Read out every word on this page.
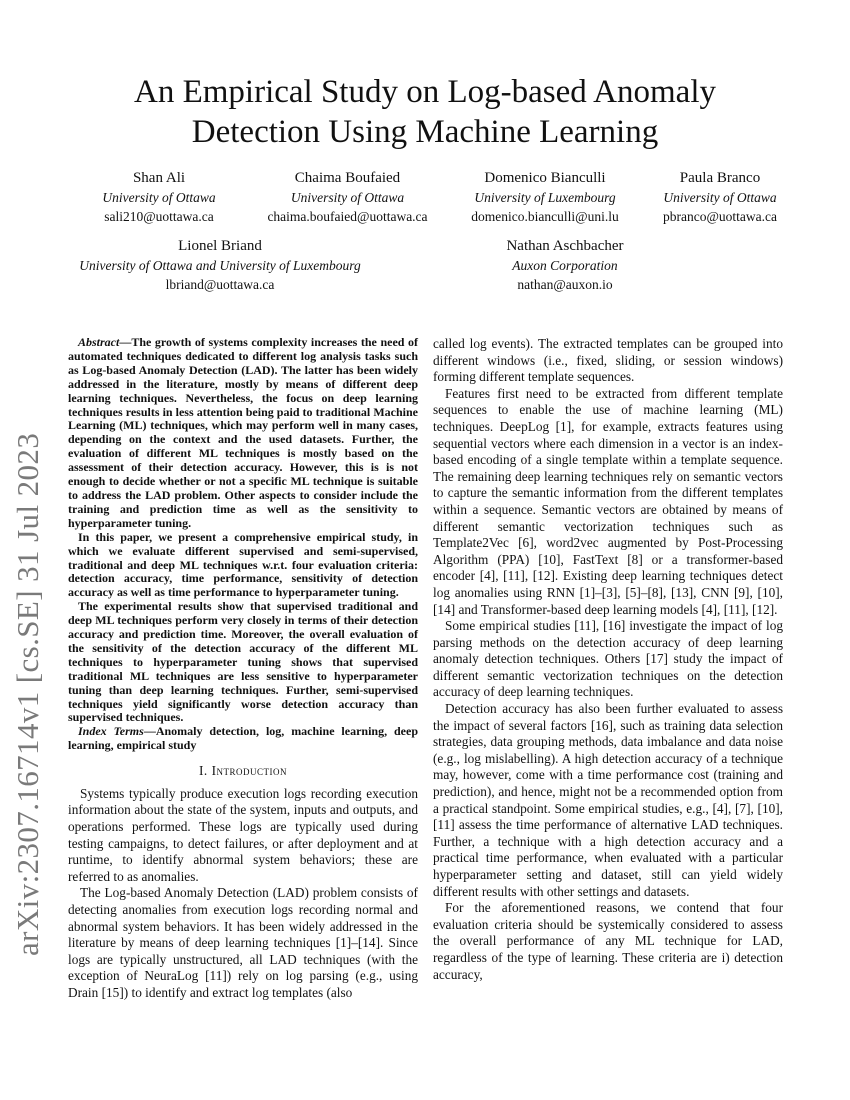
An Empirical Study on Log-based Anomaly
Detection Using Machine Learning
Shan Ali
University of Ottawa
sali210@uottawa.ca
Chaima Boufaied
University of Ottawa
chaima.boufaied@uottawa.ca
Domenico Bianculli
University of Luxembourg
domenico.bianculli@uni.lu
Paula Branco
University of Ottawa
pbranco@uottawa.ca
Lionel Briand
University of Ottawa and University of Luxembourg
lbriand@uottawa.ca
Nathan Aschbacher
Auxon Corporation
nathan@auxon.io
arXiv:2307.16714v1 [cs.SE] 31 Jul 2023

Abstract—The growth of systems complexity increases the need of automated techniques dedicated to different log analysis tasks such as Log-based Anomaly Detection (LAD). The latter has been widely addressed in the literature, mostly by means of different deep learning techniques. Nevertheless, the focus on deep learning techniques results in less attention being paid to traditional Machine Learning (ML) techniques, which may perform well in many cases, depending on the context and the used datasets. Further, the evaluation of different ML techniques is mostly based on the assessment of their detection accuracy. However, this is is not enough to decide whether or not a specific ML technique is suitable to address the LAD problem. Other aspects to consider include the training and prediction time as well as the sensitivity to hyperparameter tuning.

In this paper, we present a comprehensive empirical study, in which we evaluate different supervised and semi-supervised, traditional and deep ML techniques w.r.t. four evaluation criteria: detection accuracy, time performance, sensitivity of detection accuracy as well as time performance to hyperparameter tuning.

The experimental results show that supervised traditional and deep ML techniques perform very closely in terms of their detection accuracy and prediction time. Moreover, the overall evaluation of the sensitivity of the detection accuracy of the different ML techniques to hyperparameter tuning shows that supervised traditional ML techniques are less sensitive to hyperparameter tuning than deep learning techniques. Further, semi-supervised techniques yield significantly worse detection accuracy than supervised techniques.

Index Terms—Anomaly detection, log, machine learning, deep learning, empirical study

I. Introduction

Systems typically produce execution logs recording execution information about the state of the system, inputs and outputs, and operations performed. These logs are typically used during testing campaigns, to detect failures, or after deployment and at runtime, to identify abnormal system behaviors; these are referred to as anomalies.

The Log-based Anomaly Detection (LAD) problem consists of detecting anomalies from execution logs recording normal and abnormal system behaviors. It has been widely addressed in the literature by means of deep learning techniques [1]–[14]. Since logs are typically unstructured, all LAD techniques (with the exception of NeuraLog [11]) rely on log parsing (e.g., using Drain [15]) to identify and extract log templates (also

called log events). The extracted templates can be grouped into different windows (i.e., fixed, sliding, or session windows) forming different template sequences.

Features first need to be extracted from different template sequences to enable the use of machine learning (ML) techniques. DeepLog [1], for example, extracts features using sequential vectors where each dimension in a vector is an index-based encoding of a single template within a template sequence. The remaining deep learning techniques rely on semantic vectors to capture the semantic information from the different templates within a sequence. Semantic vectors are obtained by means of different semantic vectorization techniques such as Template2Vec [6], word2vec augmented by Post-Processing Algorithm (PPA) [10], FastText [8] or a transformer-based encoder [4], [11], [12]. Existing deep learning techniques detect log anomalies using RNN [1]–[3], [5]–[8], [13], CNN [9], [10], [14] and Transformer-based deep learning models [4], [11], [12].

Some empirical studies [11], [16] investigate the impact of log parsing methods on the detection accuracy of deep learning anomaly detection techniques. Others [17] study the impact of different semantic vectorization techniques on the detection accuracy of deep learning techniques.

Detection accuracy has also been further evaluated to assess the impact of several factors [16], such as training data selection strategies, data grouping methods, data imbalance and data noise (e.g., log mislabelling). A high detection accuracy of a technique may, however, come with a time performance cost (training and prediction), and hence, might not be a recommended option from a practical standpoint. Some empirical studies, e.g., [4], [7], [10], [11] assess the time performance of alternative LAD techniques. Further, a technique with a high detection accuracy and a practical time performance, when evaluated with a particular hyperparameter setting and dataset, still can yield widely different results with other settings and datasets.

For the aforementioned reasons, we contend that four evaluation criteria should be systemically considered to assess the overall performance of any ML technique for LAD, regardless of the type of learning. These criteria are i) detection accuracy,
